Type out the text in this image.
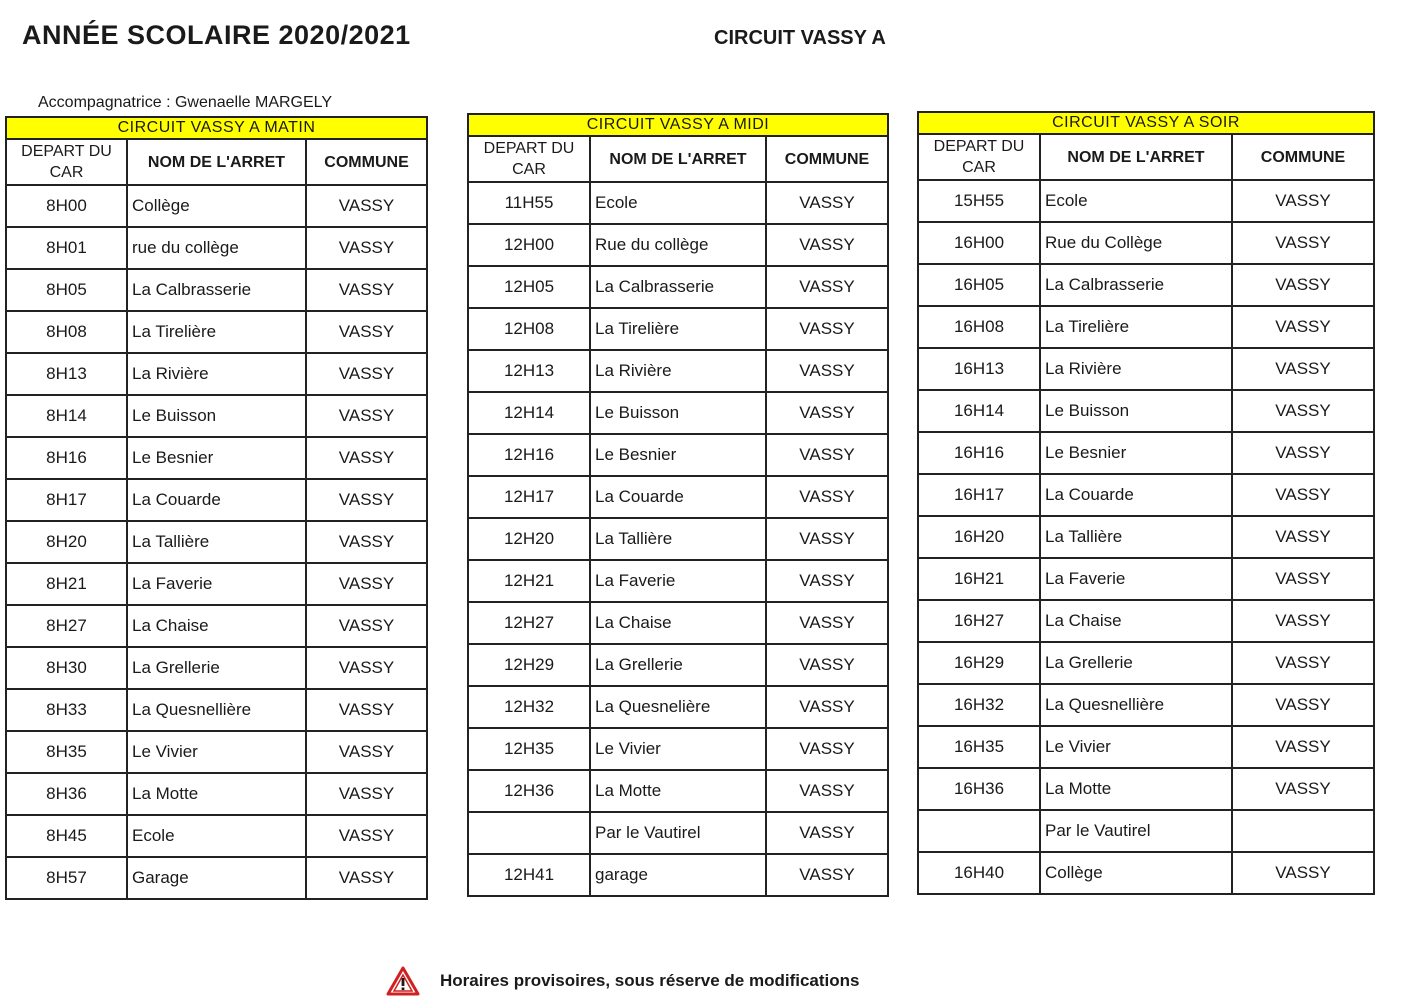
ANNÉE SCOLAIRE 2020/2021	CIRCUIT VASSY A
Accompagnatrice : Gwenaelle MARGELY
CIRCUIT VASSY A MATIN		
DEPART DU CAR	NOM DE L'ARRET	COMMUNE
8H00	Collège	VASSY
8H01	rue du collège	VASSY
8H05	La Calbrasserie	VASSY
8H08	La Tirelière	VASSY
8H13	La Rivière	VASSY
8H14	Le Buisson	VASSY
8H16	Le Besnier	VASSY
8H17	La Couarde	VASSY
8H20	La Tallière	VASSY
8H21	La Faverie	VASSY
8H27	La Chaise	VASSY
8H30	La Grellerie	VASSY
8H33	La Quesnellière	VASSY
8H35	Le Vivier	VASSY
8H36	La Motte	VASSY
8H45	Ecole	VASSY
8H57	Garage	VASSY
CIRCUIT VASSY A MIDI		
DEPART DU CAR	NOM DE L'ARRET	COMMUNE
11H55	Ecole	VASSY
12H00	Rue du collège	VASSY
12H05	La Calbrasserie	VASSY
12H08	La Tirelière	VASSY
12H13	La Rivière	VASSY
12H14	Le Buisson	VASSY
12H16	Le Besnier	VASSY
12H17	La Couarde	VASSY
12H20	La Tallière	VASSY
12H21	La Faverie	VASSY
12H27	La Chaise	VASSY
12H29	La Grellerie	VASSY
12H32	La Quesnelière	VASSY
12H35	Le Vivier	VASSY
12H36	La Motte	VASSY
	Par le Vautirel	VASSY
12H41	garage	VASSY
CIRCUIT VASSY A SOIR		
DEPART DU CAR	NOM DE L'ARRET	COMMUNE
15H55	Ecole	VASSY
16H00	Rue du Collège	VASSY
16H05	La Calbrasserie	VASSY
16H08	La Tirelière	VASSY
16H13	La Rivière	VASSY
16H14	Le Buisson	VASSY
16H16	Le Besnier	VASSY
16H17	La Couarde	VASSY
16H20	La Tallière	VASSY
16H21	La Faverie	VASSY
16H27	La Chaise	VASSY
16H29	La Grellerie	VASSY
16H32	La Quesnellière	VASSY
16H35	Le Vivier	VASSY
16H36	La Motte	VASSY
	Par le Vautirel	
16H40	Collège	VASSY
Horaires provisoires, sous réserve de modifications
